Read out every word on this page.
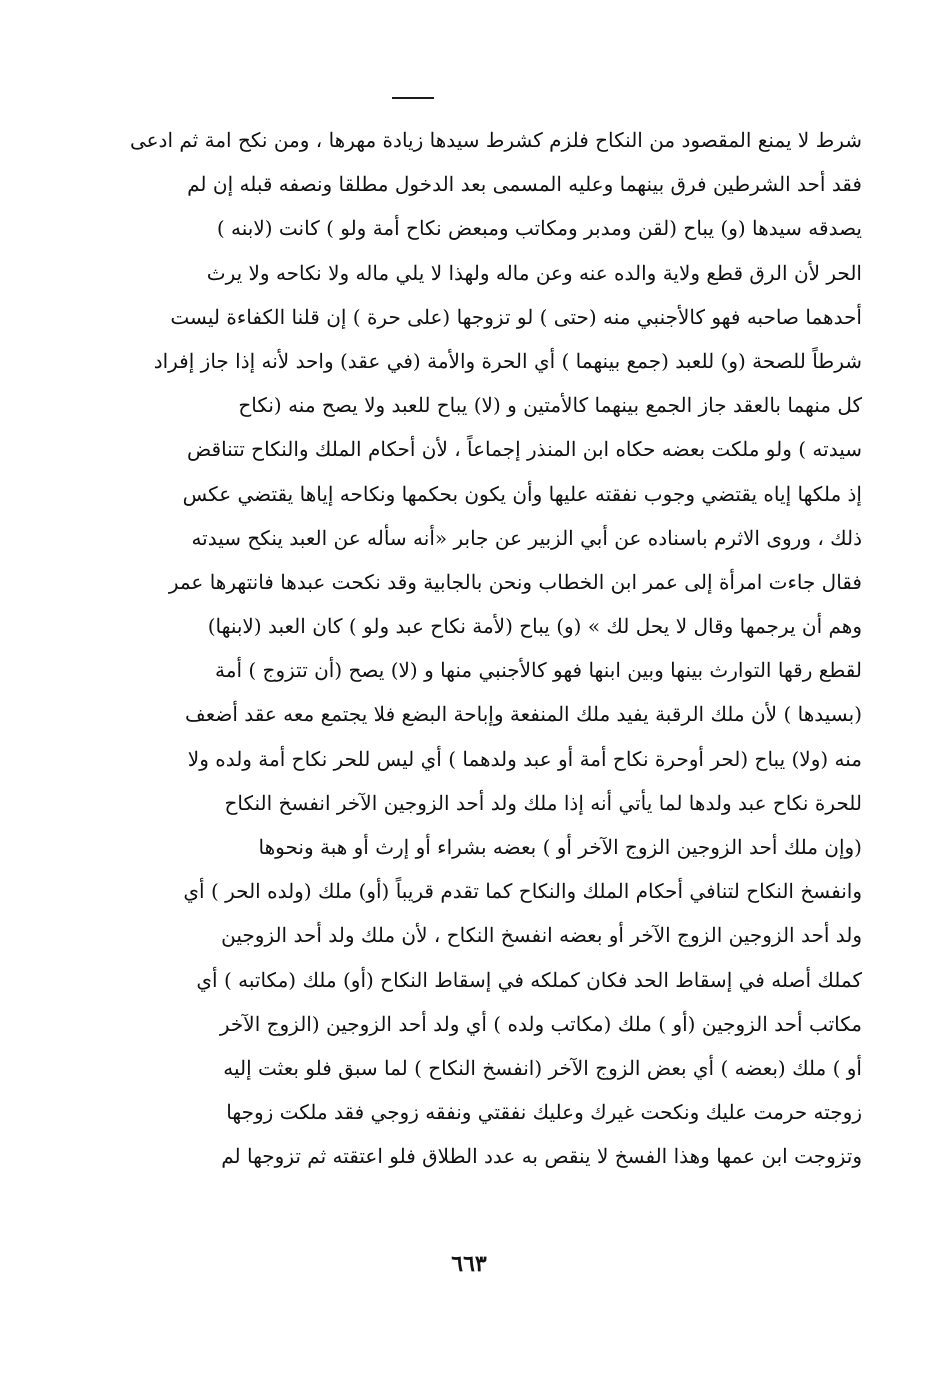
شرط لا يمنع المقصود من النكاح فلزم كشرط سيدها زيادة مهرها ، ومن نكح امة ثم ادعى
فقد أحد الشرطين فرق بينهما وعليه المسمى بعد الدخول مطلقا ونصفه قبله إن لم
يصدقه سيدها (و) يباح (لقن ومدبر ومكاتب ومبعض نكاح أمة ولو ) كانت (لابنه )
الحر لأن الرق قطع ولاية والده عنه وعن ماله ولهذا لا يلي ماله ولا نكاحه ولا يرث
أحدهما صاحبه فهو كالأجنبي منه (حتى ) لو تزوجها (على حرة ) إن قلنا الكفاءة ليست
شرطاً للصحة (و) للعبد (جمع بينهما ) أي الحرة والأمة (في عقد) واحد لأنه إذا جاز إفراد
كل منهما بالعقد جاز الجمع بينهما كالأمتين و (لا) يباح للعبد ولا يصح منه (نكاح
سيدته ) ولو ملكت بعضه حكاه ابن المنذر إجماعاً ، لأن أحكام الملك والنكاح تتناقض
إذ ملكها إياه يقتضي وجوب نفقته عليها وأن يكون بحكمها ونكاحه إياها يقتضي عكس
ذلك ، وروى الاثرم باسناده عن أبي الزبير عن جابر «أنه سأله عن العبد ينكح سيدته
فقال جاءت امرأة إلى عمر ابن الخطاب ونحن بالجابية وقد نكحت عبدها فانتهرها عمر
وهم أن يرجمها وقال لا يحل لك » (و) يباح (لأمة نكاح عبد ولو ) كان العبد (لابنها)
لقطع رقها التوارث بينها وبين ابنها فهو كالأجنبي منها و (لا) يصح (أن تتزوج ) أمة
(بسيدها ) لأن ملك الرقبة يفيد ملك المنفعة وإباحة البضع فلا يجتمع معه عقد أضعف
منه (ولا) يباح (لحر أوحرة نكاح أمة أو عبد ولدهما ) أي ليس للحر نكاح أمة ولده ولا
للحرة نكاح عبد ولدها لما يأتي أنه إذا ملك ولد أحد الزوجين الآخر انفسخ النكاح
(وإن ملك أحد الزوجين الزوج الآخر أو ) بعضه بشراء أو إرث أو هبة ونحوها
وانفسخ النكاح لتنافي أحكام الملك والنكاح كما تقدم قريباً (أو) ملك (ولده الحر ) أي
ولد أحد الزوجين الزوج الآخر أو بعضه انفسخ النكاح ، لأن ملك ولد أحد الزوجين
كملك أصله في إسقاط الحد فكان كملكه في إسقاط النكاح (أو) ملك (مكاتبه ) أي
مكاتب أحد الزوجين (أو ) ملك (مكاتب ولده ) أي ولد أحد الزوجين (الزوج الآخر
أو ) ملك (بعضه ) أي بعض الزوج الآخر (انفسخ النكاح ) لما سبق فلو بعثت إليه
زوجته حرمت عليك ونكحت غيرك وعليك نفقتي ونفقه زوجي فقد ملكت زوجها
وتزوجت ابن عمها وهذا الفسخ لا ينقص به عدد الطلاق فلو اعتقته ثم تزوجها لم
٦٦٣
